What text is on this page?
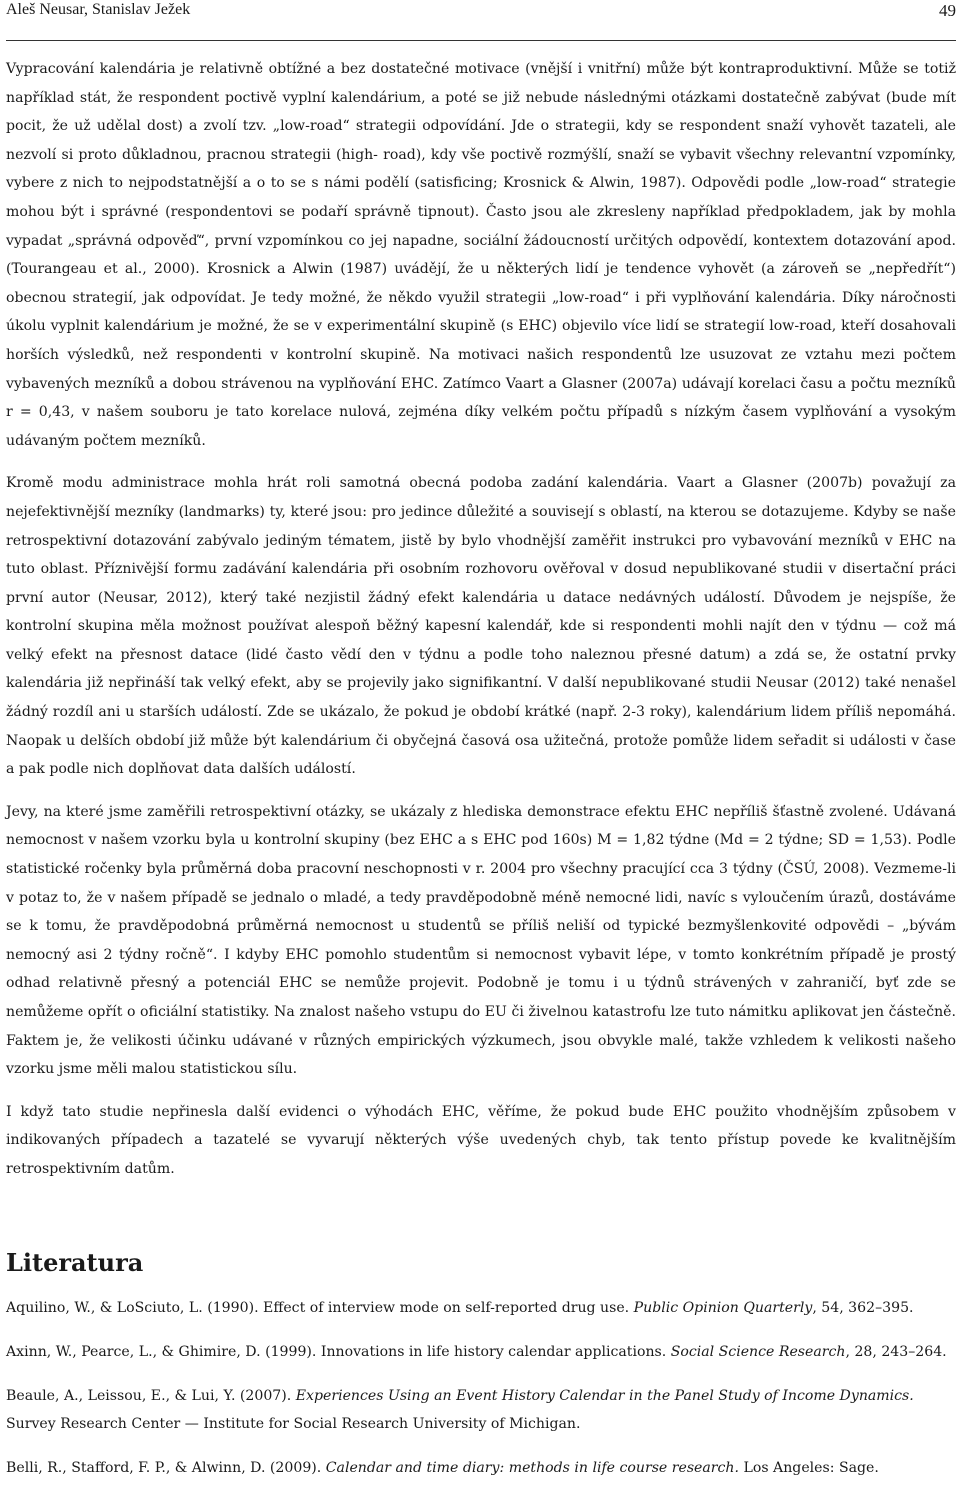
Aleš Neusar, Stanislav Ježek	49

Vypracování kalendária je relativně obtížné a bez dostatečné motivace (vnější i vnitřní) může být kontraproduktivní. Může se totiž například stát, že respondent poctivě vyplní kalendárium, a poté se již nebude následnými otázkami dostatečně zabývat (bude mít pocit, že už udělal dost) a zvolí tzv. „low-road“ strategii odpovídání. Jde o strategii, kdy se respondent snaží vyhovět tazateli, ale nezvolí si proto důkladnou, pracnou strategii (high- road), kdy vše poctivě rozmýšlí, snaží se vybavit všechny relevantní vzpomínky, vybere z nich to nejpodstatnější a o to se s námi podělí (satisficing; Krosnick & Alwin, 1987). Odpovědi podle „low-road“ strategie mohou být i správné (respondentovi se podaří správně tipnout). Často jsou ale zkresleny například předpokladem, jak by mohla vypadat „správná odpověď“, první vzpomínkou co jej napadne, sociální žádoucností určitých odpovědí, kontextem dotazování apod. (Tourangeau et al., 2000). Krosnick a Alwin (1987) uvádějí, že u některých lidí je tendence vyhovět (a zároveň se „nepředřít“) obecnou strategií, jak odpovídat. Je tedy možné, že někdo využil strategii „low-road“ i při vyplňování kalendária. Díky náročnosti úkolu vyplnit kalendárium je možné, že se v experimentální skupině (s EHC) objevilo více lidí se strategií low-road, kteří dosahovali horších výsledků, než respondenti v kontrolní skupině. Na motivaci našich respondentů lze usuzovat ze vztahu mezi počtem vybavených mezníků a dobou strávenou na vyplňování EHC. Zatímco Vaart a Glasner (2007a) udávají korelaci času a počtu mezníků r = 0,43, v našem souboru je tato korelace nulová, zejména díky velkém počtu případů s nízkým časem vyplňování a vysokým udávaným počtem mezníků.

Kromě modu administrace mohla hrát roli samotná obecná podoba zadání kalendária. Vaart a Glasner (2007b) považují za nejefektivnější mezníky (landmarks) ty, které jsou: pro jedince důležité a souvisejí s oblastí, na kterou se dotazujeme. Kdyby se naše retrospektivní dotazování zabývalo jediným tématem, jistě by bylo vhodnější zaměřit instrukci pro vybavování mezníků v EHC na tuto oblast. Příznivější formu zadávání kalendária při osobním rozhovoru ověřoval v dosud nepublikované studii v disertační práci první autor (Neusar, 2012), který také nezjistil žádný efekt kalendária u datace nedávných událostí. Důvodem je nejspíše, že kontrolní skupina měla možnost používat alespoň běžný kapesní kalendář, kde si respondenti mohli najít den v týdnu — což má velký efekt na přesnost datace (lidé často vědí den v týdnu a podle toho naleznou přesné datum) a zdá se, že ostatní prvky kalendária již nepřináší tak velký efekt, aby se projevily jako signifikantní. V další nepublikované studii Neusar (2012) také nenašel žádný rozdíl ani u starších událostí. Zde se ukázalo, že pokud je období krátké (např. 2-3 roky), kalendárium lidem příliš nepomáhá. Naopak u delších období již může být kalendárium či obyčejná časová osa užitečná, protože pomůže lidem seřadit si události v čase a pak podle nich doplňovat data dalších událostí.

Jevy, na které jsme zaměřili retrospektivní otázky, se ukázaly z hlediska demonstrace efektu EHC nepříliš šťastně zvolené. Udávaná nemocnost v našem vzorku byla u kontrolní skupiny (bez EHC a s EHC pod 160s) M = 1,82 týdne (Md = 2 týdne; SD = 1,53). Podle statistické ročenky byla průměrná doba pracovní neschopnosti v r. 2004 pro všechny pracující cca 3 týdny (ČSÚ, 2008). Vezmeme-li v potaz to, že v našem případě se jednalo o mladé, a tedy pravděpodobně méně nemocné lidi, navíc s vyloučením úrazů, dostáváme se k tomu, že pravděpodobná průměrná nemocnost u studentů se příliš neliší od typické bezmyšlenkovité odpovědi – „bývám nemocný asi 2 týdny ročně“. I kdyby EHC pomohlo studentům si nemocnost vybavit lépe, v tomto konkrétním případě je prostý odhad relativně přesný a potenciál EHC se nemůže projevit. Podobně je tomu i u týdnů strávených v zahraničí, byť zde se nemůžeme opřít o oficiální statistiky. Na znalost našeho vstupu do EU či živelnou katastrofu lze tuto námitku aplikovat jen částečně. Faktem je, že velikosti účinku udávané v různých empirických výzkumech, jsou obvykle malé, takže vzhledem k velikosti našeho vzorku jsme měli malou statistickou sílu.

I když tato studie nepřinesla další evidenci o výhodách EHC, věříme, že pokud bude EHC použito vhodnějším způsobem v indikovaných případech a tazatelé se vyvarují některých výše uvedených chyb, tak tento přístup povede ke kvalitnějším retrospektivním datům.

Literatura

Aquilino, W., & LoSciuto, L. (1990). Effect of interview mode on self-reported drug use. Public Opinion Quarterly, 54, 362–395.

Axinn, W., Pearce, L., & Ghimire, D. (1999). Innovations in life history calendar applications. Social Science Research, 28, 243–264.

Beaule, A., Leissou, E., & Lui, Y. (2007). Experiences Using an Event History Calendar in the Panel Study of Income Dynamics. Survey Research Center — Institute for Social Research University of Michigan.

Belli, R., Stafford, F. P., & Alwinn, D. (2009). Calendar and time diary: methods in life course research. Los Angeles: Sage.
